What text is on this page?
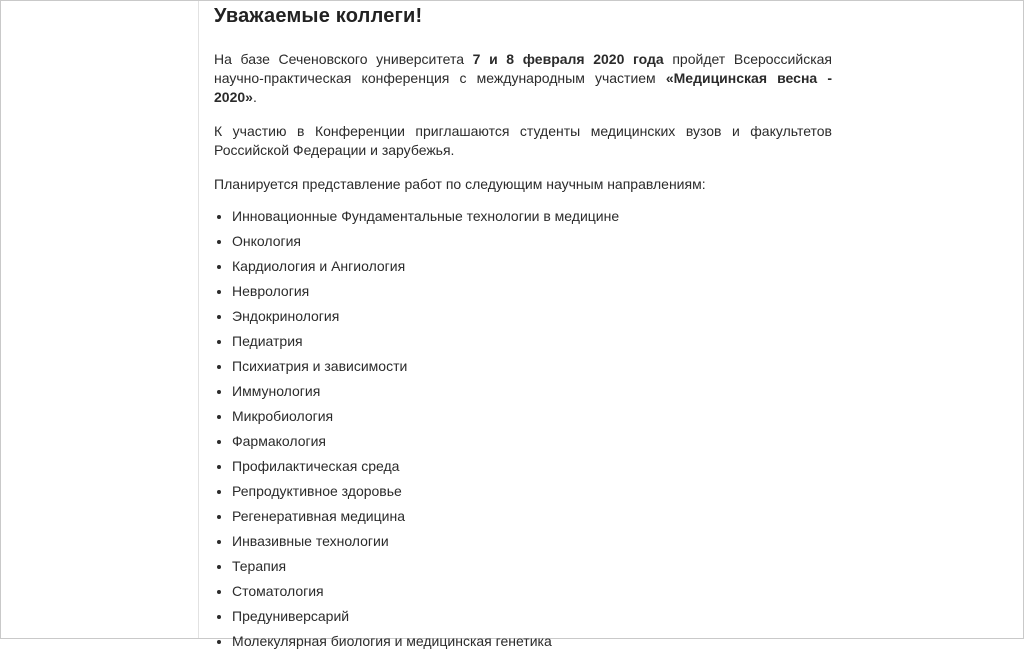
Уважаемые коллеги!

На базе Сеченовского университета 7 и 8 февраля 2020 года пройдет Всероссийская научно-практическая конференция с международным участием «Медицинская весна - 2020».

К участию в Конференции приглашаются студенты медицинских вузов и факультетов Российской Федерации и зарубежья.

Планируется представление работ по следующим научным направлениям:

• Инновационные Фундаментальные технологии в медицине
• Онкология
• Кардиология и Ангиология
• Неврология
• Эндокринология
• Педиатрия
• Психиатрия и зависимости
• Иммунология
• Микробиология
• Фармакология
• Профилактическая среда
• Репродуктивное здоровье
• Регенеративная медицина
• Инвазивные технологии
• Терапия
• Стоматология
• Предуниверсарий
• Молекулярная биология и медицинская генетика
